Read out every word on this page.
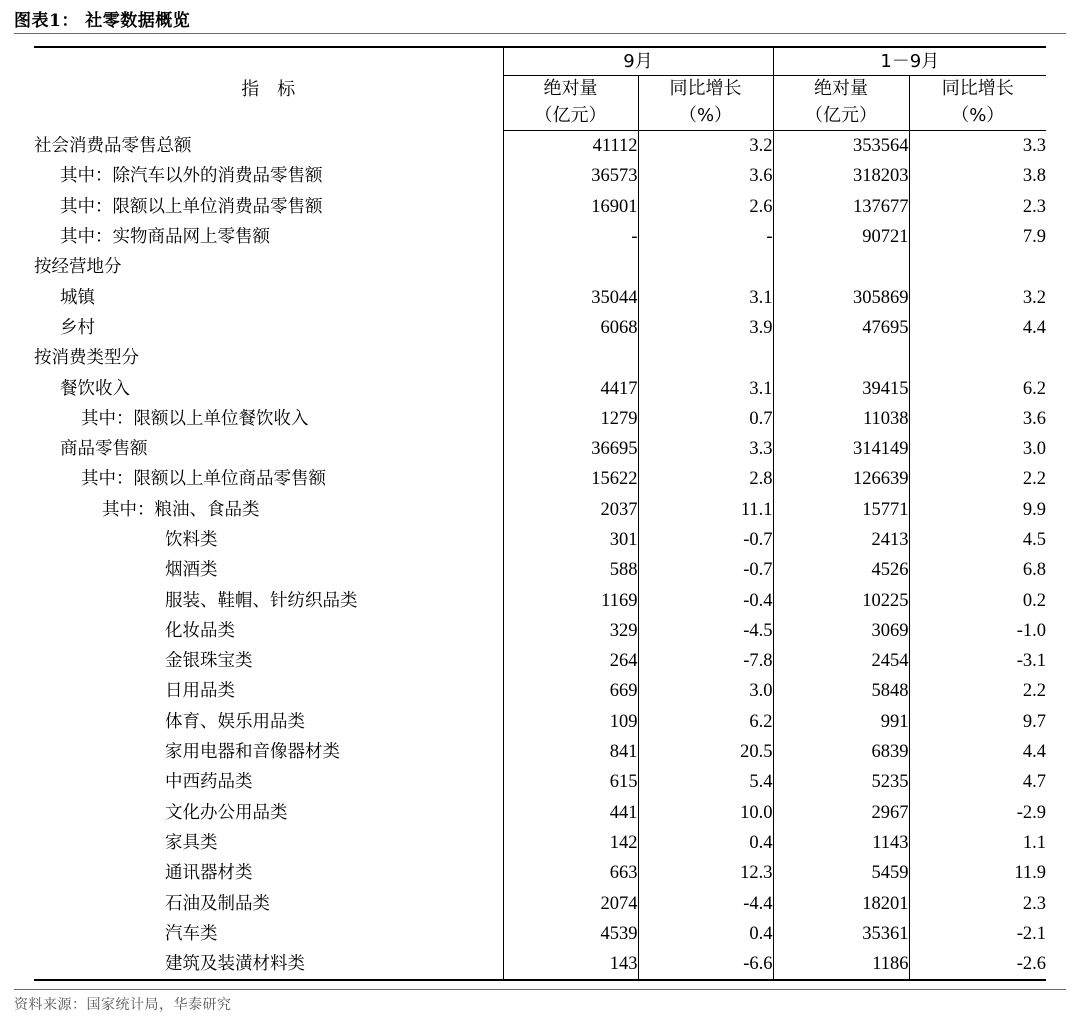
图表1： 社零数据概览
指　标	9月		1－9月	
	绝对量	同比增长	绝对量	同比增长
	（亿元）	（%）	（亿元）	（%）
社会消费品零售总额	41112	3.2	353564	3.3
其中：除汽车以外的消费品零售额	36573	3.6	318203	3.8
其中：限额以上单位消费品零售额	16901	2.6	137677	2.3
其中：实物商品网上零售额	-	-	90721	7.9
按经营地分				
城镇	35044	3.1	305869	3.2
乡村	6068	3.9	47695	4.4
按消费类型分				
餐饮收入	4417	3.1	39415	6.2
其中：限额以上单位餐饮收入	1279	0.7	11038	3.6
商品零售额	36695	3.3	314149	3.0
其中：限额以上单位商品零售额	15622	2.8	126639	2.2
其中：粮油、食品类	2037	11.1	15771	9.9
饮料类	301	-0.7	2413	4.5
烟酒类	588	-0.7	4526	6.8
服装、鞋帽、针纺织品类	1169	-0.4	10225	0.2
化妆品类	329	-4.5	3069	-1.0
金银珠宝类	264	-7.8	2454	-3.1
日用品类	669	3.0	5848	2.2
体育、娱乐用品类	109	6.2	991	9.7
家用电器和音像器材类	841	20.5	6839	4.4
中西药品类	615	5.4	5235	4.7
文化办公用品类	441	10.0	2967	-2.9
家具类	142	0.4	1143	1.1
通讯器材类	663	12.3	5459	11.9
石油及制品类	2074	-4.4	18201	2.3
汽车类	4539	0.4	35361	-2.1
建筑及装潢材料类	143	-6.6	1186	-2.6
资料来源：国家统计局，华泰研究
